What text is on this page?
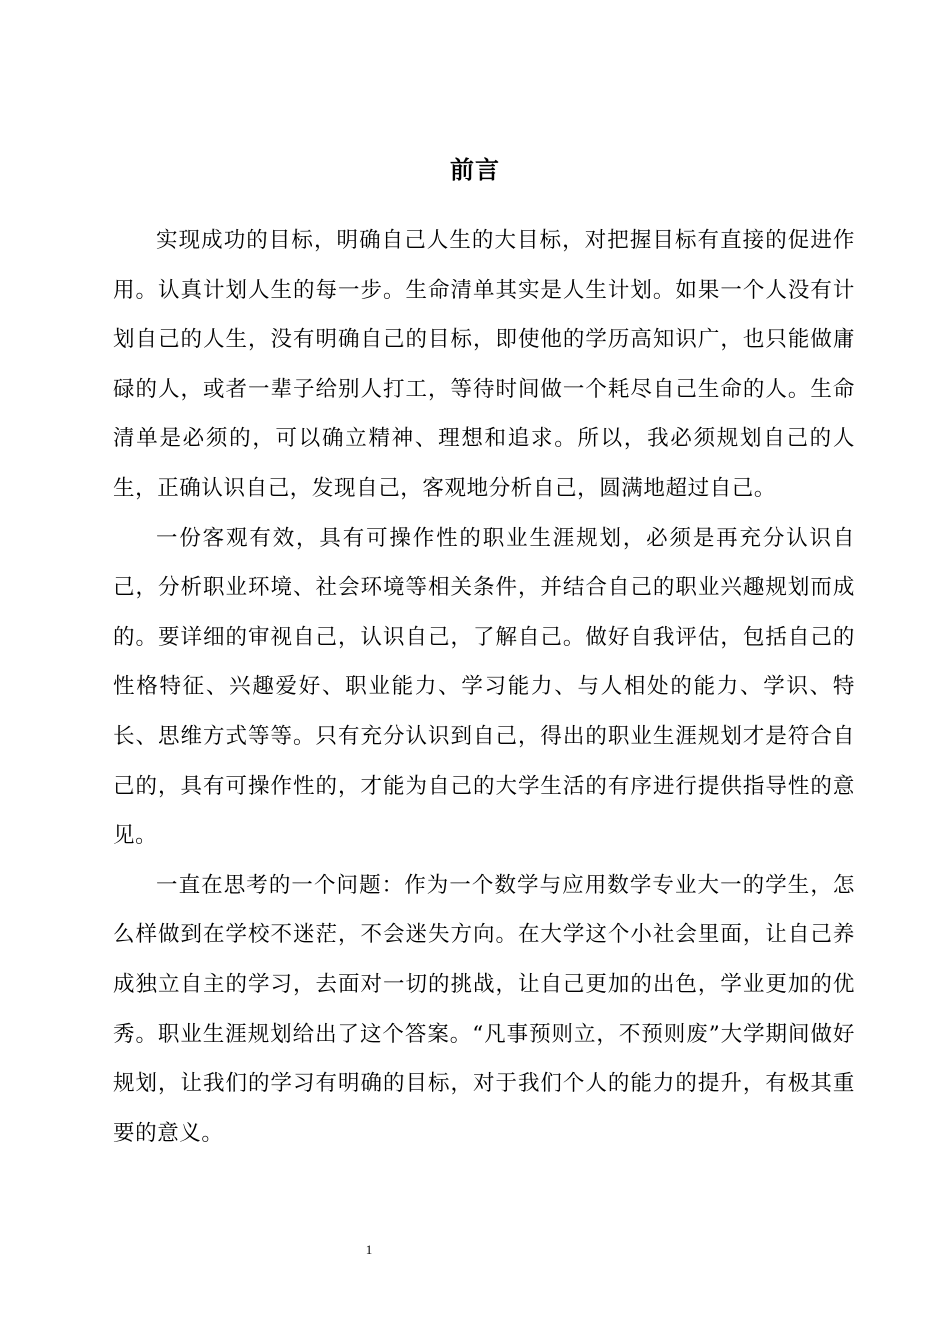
前言

实现成功的目标，明确自己人生的大目标，对把握目标有直接的促进作用。认真计划人生的每一步。生命清单其实是人生计划。如果一个人没有计划自己的人生，没有明确自己的目标，即使他的学历高知识广，也只能做庸碌的人，或者一辈子给别人打工，等待时间做一个耗尽自己生命的人。生命清单是必须的，可以确立精神、理想和追求。所以，我必须规划自己的人生，正确认识自己，发现自己，客观地分析自己，圆满地超过自己。

一份客观有效，具有可操作性的职业生涯规划，必须是再充分认识自己，分析职业环境、社会环境等相关条件，并结合自己的职业兴趣规划而成的。要详细的审视自己，认识自己，了解自己。做好自我评估，包括自己的性格特征、兴趣爱好、职业能力、学习能力、与人相处的能力、学识、特长、思维方式等等。只有充分认识到自己，得出的职业生涯规划才是符合自己的，具有可操作性的，才能为自己的大学生活的有序进行提供指导性的意见。

一直在思考的一个问题：作为一个数学与应用数学专业大一的学生，怎么样做到在学校不迷茫，不会迷失方向。在大学这个小社会里面，让自己养成独立自主的学习，去面对一切的挑战，让自己更加的出色，学业更加的优秀。职业生涯规划给出了这个答案。“凡事预则立，不预则废”大学期间做好规划，让我们的学习有明确的目标，对于我们个人的能力的提升，有极其重要的意义。

1
